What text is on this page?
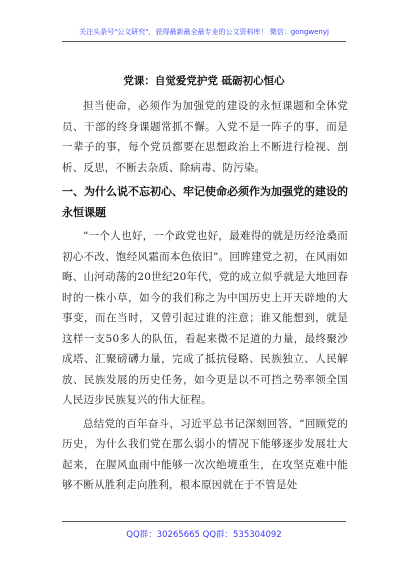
关注头条号"公文研究"，获得最新最全最专业的公文资料库！ 微信：gongwenyj
党课：自觉爱党护党 砥砺初心恒心

担当使命，必须作为加强党的建设的永恒课题和全体党员、干部的终身课题常抓不懈。入党不是一阵子的事，而是一辈子的事，每个党员都要在思想政治上不断进行检视、剖析、反思，不断去杂质、除病毒、防污染。

一、为什么说不忘初心、牢记使命必须作为加强党的建设的永恒课题

“一个人也好，一个政党也好，最难得的就是历经沧桑而初心不改、饱经风霜而本色依旧”。回眸建党之初，在风雨如晦、山河动荡的20世纪20年代，党的成立似乎就是大地回春时的一株小草，如今的我们称之为中国历史上开天辟地的大事变，而在当时，又曾引起过谁的注意；谁又能想到，就是这样一支50多人的队伍，看起来微不足道的力量，最终聚沙成塔、汇聚磅礴力量，完成了抵抗侵略、民族独立、人民解放、民族发展的历史任务，如今更是以不可挡之势率领全国人民迈步民族复兴的伟大征程。

总结党的百年奋斗，习近平总书记深刻回答，“回顾党的历史，为什么我们党在那么弱小的情况下能够逐步发展壮大起来，在腥风血雨中能够一次次绝境重生，在攻坚克难中能够不断从胜利走向胜利，根本原因就在于不管是处

QQ群：30265665 QQ群：535304092
